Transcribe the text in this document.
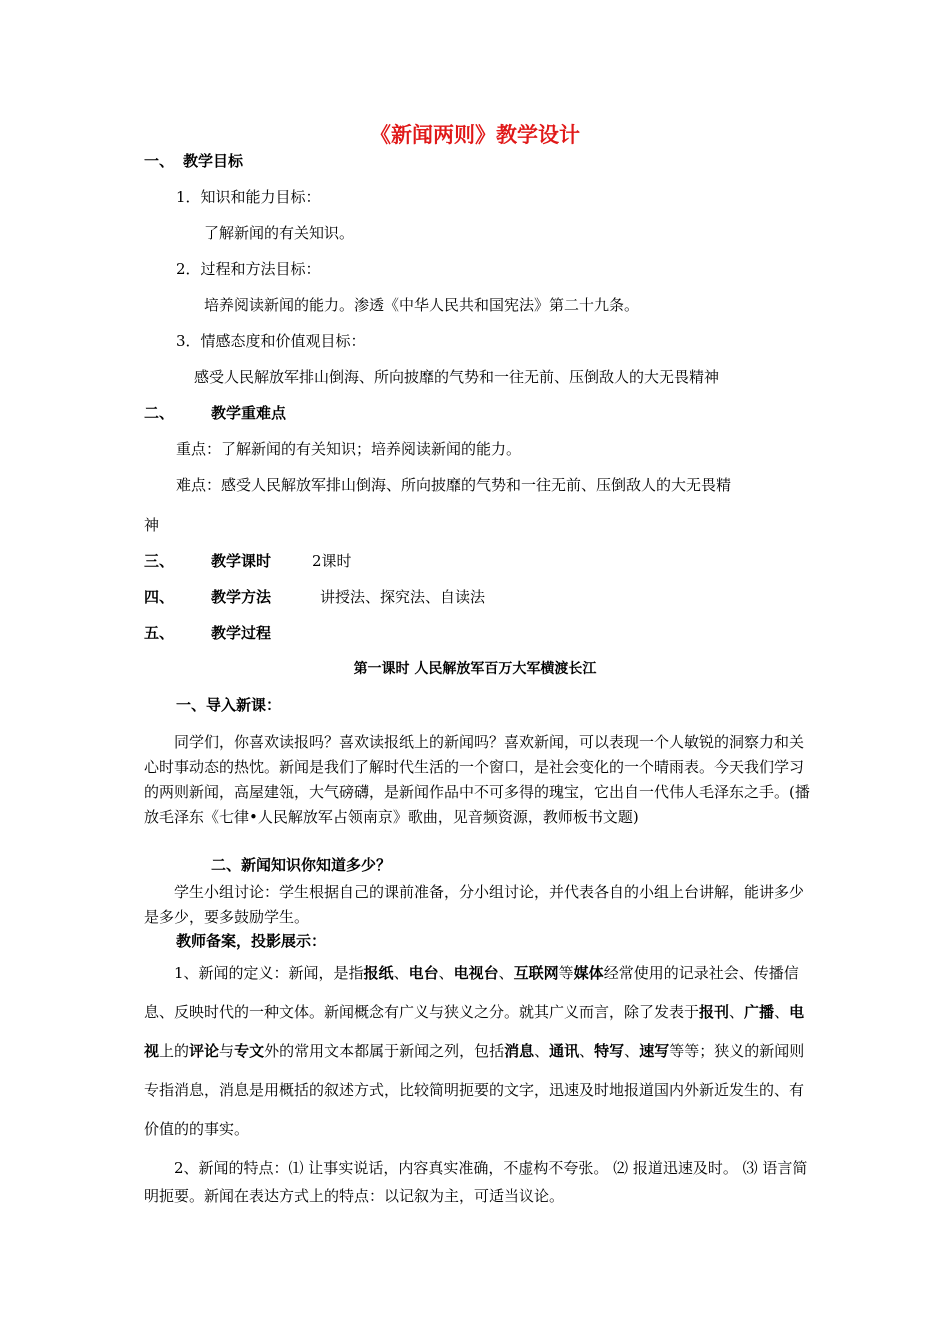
《新闻两则》教学设计
一、 教学目标
1．知识和能力目标：
了解新闻的有关知识。
2．过程和方法目标：
培养阅读新闻的能力。渗透《中华人民共和国宪法》第二十九条。
3．情感态度和价值观目标：
感受人民解放军排山倒海、所向披靡的气势和一往无前、压倒敌人的大无畏精神
二、 教学重难点
重点：了解新闻的有关知识；培养阅读新闻的能力。
难点：感受人民解放军排山倒海、所向披靡的气势和一往无前、压倒敌人的大无畏精
神
三、 教学课时	2课时
四、 教学方法	讲授法、探究法、自读法
五、 教学过程
第一课时 人民解放军百万大军横渡长江
一、导入新课：

同学们，你喜欢读报吗？喜欢读报纸上的新闻吗？喜欢新闻，可以表现一个人敏锐的洞察力和关心时事动态的热忱。新闻是我们了解时代生活的一个窗口，是社会变化的一个晴雨表。今天我们学习的两则新闻，高屋建瓴，大气磅礴，是新闻作品中不可多得的瑰宝，它出自一代伟人毛泽东之手。(播放毛泽东《七律•人民解放军占领南京》歌曲，见音频资源，教师板书文题)

二、新闻知识你知道多少？

学生小组讨论：学生根据自己的课前准备，分小组讨论，并代表各自的小组上台讲解，能讲多少是多少，要多鼓励学生。

教师备案，投影展示：

1、新闻的定义：新闻，是指报纸、电台、电视台、互联网等媒体经常使用的记录社会、传播信息、反映时代的一种文体。新闻概念有广义与狭义之分。就其广义而言，除了发表于报刊、广播、电视上的评论与专文外的常用文本都属于新闻之列，包括消息、通讯、特写、速写等等；狭义的新闻则专指消息，消息是用概括的叙述方式，比较简明扼要的文字，迅速及时地报道国内外新近发生的、有价值的的事实。

2、新闻的特点：⑴ 让事实说话，内容真实准确，不虚构不夸张。 ⑵ 报道迅速及时。 ⑶ 语言简明扼要。新闻在表达方式上的特点：以记叙为主，可适当议论。
